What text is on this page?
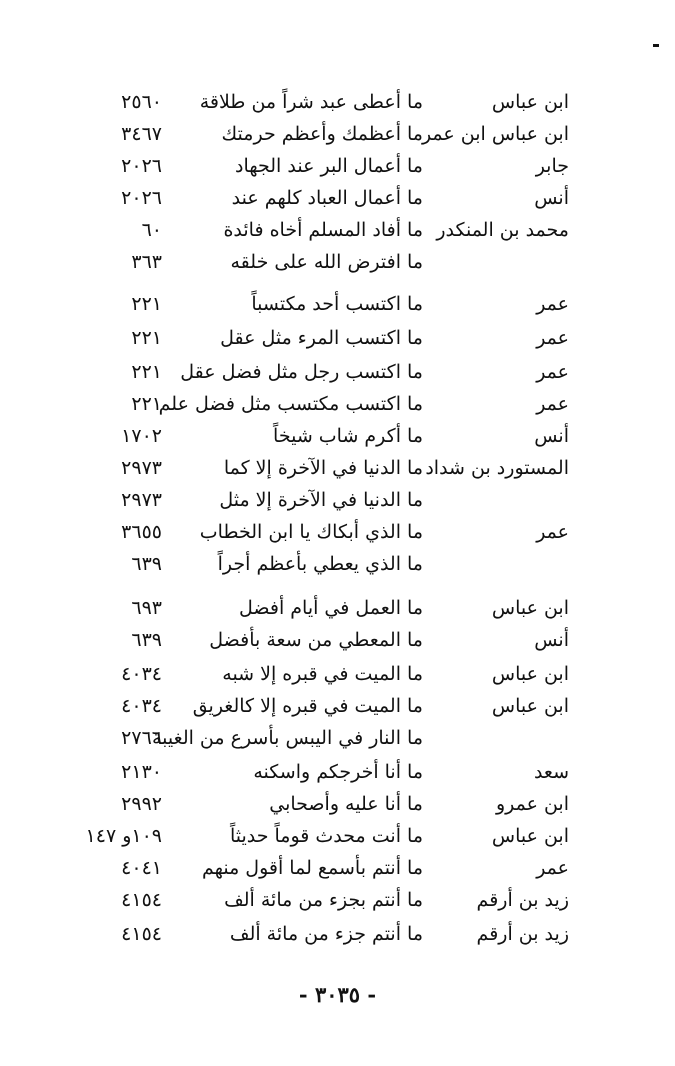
ابن عباس
ما أعطى عبد شراً من طلاقة
٢٥٦٠
ابن عباس ابن عمر
ما أعظمك وأعظم حرمتك
٣٤٦٧
جابر
ما أعمال البر عند الجهاد
٢٠٢٦
أنس
ما أعمال العباد كلهم عند
٢٠٢٦
محمد بن المنكدر
ما أفاد المسلم أخاه فائدة
٦٠
ما افترض الله على خلقه
٣٦٣
عمر
ما اكتسب أحد مكتسباً
٢٢١
عمر
ما اكتسب المرء مثل عقل
٢٢١
عمر
ما اكتسب رجل مثل فضل عقل
٢٢١
عمر
ما اكتسب مكتسب مثل فضل علم
٢٢١
أنس
ما أكرم شاب شيخاً
١٧٠٢
المستورد بن شداد
ما الدنيا في الآخرة إلا كما
٢٩٧٣
ما الدنيا في الآخرة إلا مثل
٢٩٧٣
عمر
ما الذي أبكاك يا ابن الخطاب
٣٦٥٥
ما الذي يعطي بأعظم أجراً
٦٣٩
ابن عباس
ما العمل في أيام أفضل
٦٩٣
أنس
ما المعطي من سعة بأفضل
٦٣٩
ابن عباس
ما الميت في قبره إلا شبه
٤٠٣٤
ابن عباس
ما الميت في قبره إلا كالغريق
٤٠٣٤
ما النار في اليبس بأسرع من الغيبة
٢٧٦٦
سعد
ما أنا أخرجكم واسكنه
٢١٣٠
ابن عمرو
ما أنا عليه وأصحابي
٢٩٩٢
ابن عباس
ما أنت محدث قوماً حديثاً
١٠٩و ١٤٧
عمر
ما أنتم بأسمع لما أقول منهم
٤٠٤١
زيد بن أرقم
ما أنتم بجزء من مائة ألف
٤١٥٤
زيد بن أرقم
ما أنتم جزء من مائة ألف
٤١٥٤
- ٣٠٣٥ -
